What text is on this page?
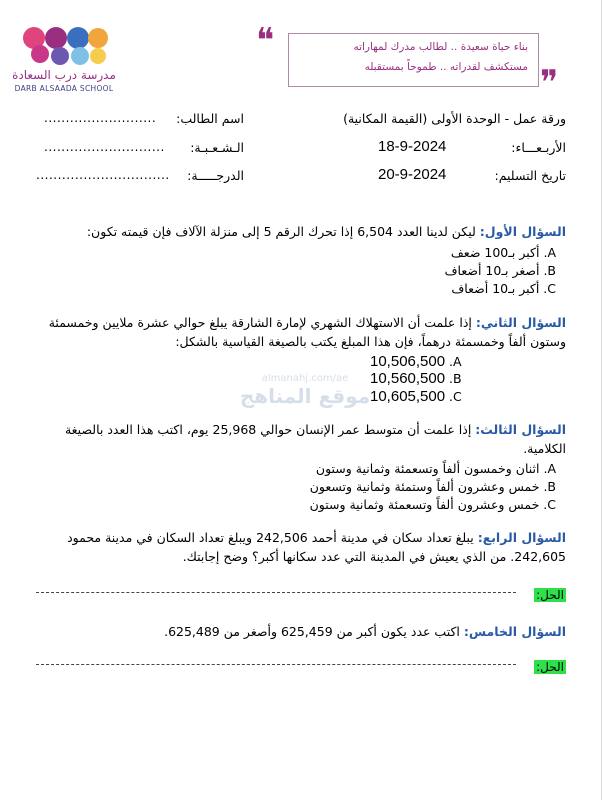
مدرسة درب السعادة
DARB ALSAADA SCHOOL
❝	بناء حياة سعيدة .. لطالب مدرك لمهاراته
مستكشف لقدراته .. طموحاً بمستقبله ❞
ورقة عمل - الوحدة الأولى (القيمة المكانية)
اسم الطالب:
..........................
الأربـعـــاء:
18-9-2024
الـشـعـبـة:
............................
تاريخ التسليم:
20-9-2024
الدرجـــــة:
...............................
السؤال الأول: ليكن لدينا العدد 6,504 إذا تحرك الرقم 5 إلى منزلة الآلاف فإن قيمته تكون:
A. أكبر بـ100 ضعف
B. أصغر بـ10 أضعاف
C. أكبر بـ10 أضعاف
السؤال الثاني: إذا علمت أن الاستهلاك الشهري لإمارة الشارقة يبلغ حوالي عشرة ملايين وخمسمئة وستون ألفاً وخمسمئة درهماً، فإن هذا المبلغ يكتب بالصيغة القياسية بالشكل:
10,506,500 .A
10,560,500 .B
10,605,500 .C
almanahj.com/ae
موقع المناهج
السؤال الثالث: إذا علمت أن متوسط عمر الإنسان حوالي 25,968 يوم، اكتب هذا العدد بالصيغة الكلامية.
A. اثنان وخمسون ألفاً وتسعمئة وثمانية وستون
B. خمس وعشرون ألفاً وستمئة وثمانية وتسعون
C. خمس وعشرون ألفاً وتسعمئة وثمانية وستون
السؤال الرابع: يبلغ تعداد سكان في مدينة أحمد 242,506 ويبلغ تعداد السكان في مدينة محمود 242,605. من الذي يعيش في المدينة التي عدد سكانها أكبر؟ وضح إجابتك.
الحل:
السؤال الخامس: اكتب عدد يكون أكبر من 625,459 وأصغر من 625,489.
الحل:
